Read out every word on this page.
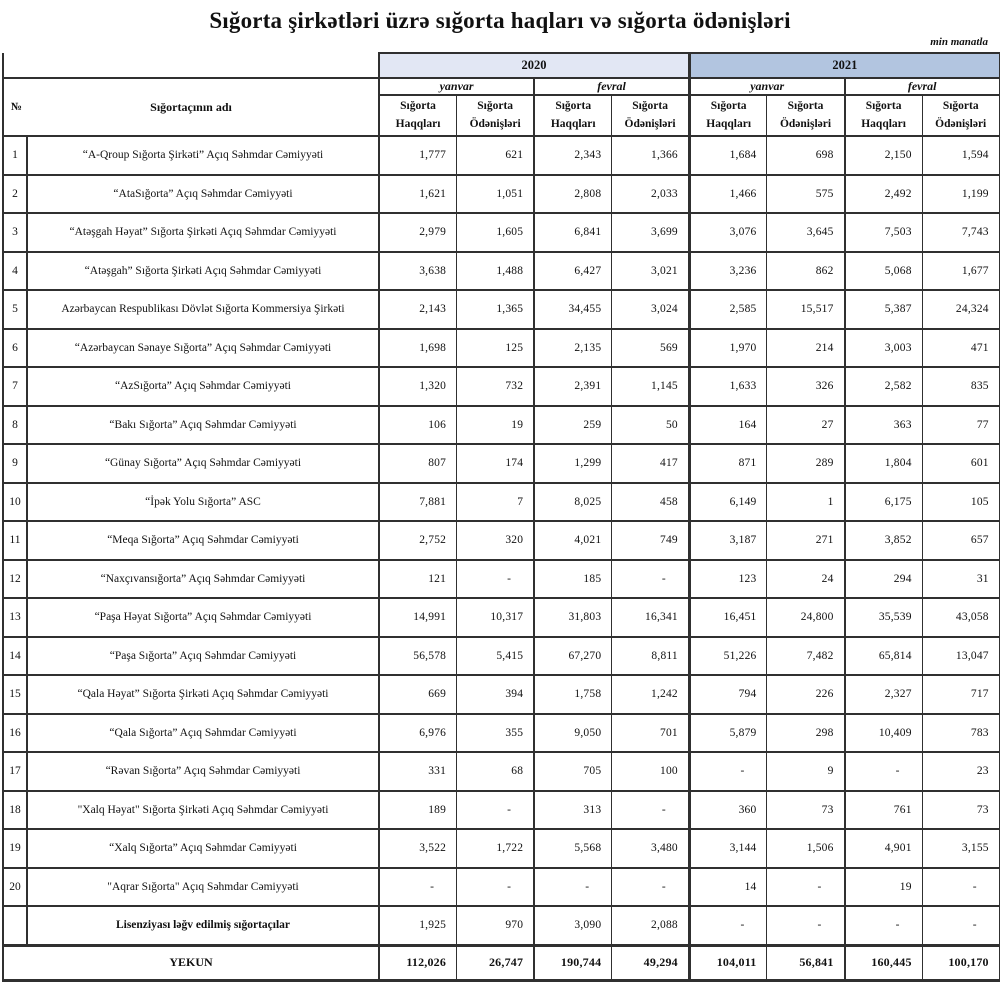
Sığorta şirkətləri üzrə sığorta haqları və sığorta ödənişləri
min manatla
		2020				2021			

№ Sığortaçının adı		yanvar		fevral		yanvar		fevral	
		Sığorta Haqqları	Sığorta Ödənişləri	Sığorta Haqqları	Sığorta Ödənişləri	Sığorta Haqqları	Sığorta Ödənişləri	Sığorta Haqqları	Sığorta Ödənişləri
1	“A-Qroup Sığorta Şirkəti” Açıq Səhmdar Cəmiyyəti	1,777	621	2,343	1,366	1,684	698	2,150	1,594
2	“AtaSığorta” Açıq Səhmdar Cəmiyyəti	1,621	1,051	2,808	2,033	1,466	575	2,492	1,199
3	“Atəşgah Həyat” Sığorta Şirkəti Açıq Səhmdar Cəmiyyəti	2,979	1,605	6,841	3,699	3,076	3,645	7,503	7,743
4	“Atəşgah” Sığorta Şirkəti Açıq Səhmdar Cəmiyyəti	3,638	1,488	6,427	3,021	3,236	862	5,068	1,677
5	Azərbaycan Respublikası Dövlət Sığorta Kommersiya Şirkəti	2,143	1,365	34,455	3,024	2,585	15,517	5,387	24,324
6	“Azərbaycan Sənaye Sığorta” Açıq Səhmdar Cəmiyyəti	1,698	125	2,135	569	1,970	214	3,003	471
7	“AzSığorta” Açıq Səhmdar Cəmiyyəti	1,320	732	2,391	1,145	1,633	326	2,582	835
8	“Bakı Sığorta” Açıq Səhmdar Cəmiyyəti	106	19	259	50	164	27	363	77
9	“Günay Sığorta” Açıq Səhmdar Cəmiyyəti	807	174	1,299	417	871	289	1,804	601
10	“İpək Yolu Sığorta” ASC	7,881	7	8,025	458	6,149	1	6,175	105
11	“Meqa Sığorta” Açıq Səhmdar Cəmiyyəti	2,752	320	4,021	749	3,187	271	3,852	657
12	“Naxçıvansığorta” Açıq Səhmdar Cəmiyyəti	121	-	185	-	123	24	294	31
13	“Paşa Həyat Sığorta” Açıq Səhmdar Cəmiyyəti	14,991	10,317	31,803	16,341	16,451	24,800	35,539	43,058
14	“Paşa Sığorta” Açıq Səhmdar Cəmiyyəti	56,578	5,415	67,270	8,811	51,226	7,482	65,814	13,047
15	“Qala Həyat” Sığorta Şirkəti Açıq Səhmdar Cəmiyyəti	669	394	1,758	1,242	794	226	2,327	717
16	“Qala Sığorta” Açıq Səhmdar Cəmiyyəti	6,976	355	9,050	701	5,879	298	10,409	783
17	“Rəvan Sığorta” Açıq Səhmdar Cəmiyyəti	331	68	705	100	-	9	-	23
18	"Xalq Həyat" Sığorta Şirkəti Açıq Səhmdar Cəmiyyəti	189	-	313	-	360	73	761	73
19	“Xalq Sığorta” Açıq Səhmdar Cəmiyyəti	3,522	1,722	5,568	3,480	3,144	1,506	4,901	3,155
20	"Aqrar Sığorta" Açıq Səhmdar Cəmiyyəti	-	-	-	-	14	-	19	-
	Lisenziyası ləğv edilmiş sığortaçılar	1,925	970	3,090	2,088	-	-	-	-
YEKUN		112,026	26,747	190,744	49,294	104,011	56,841	160,445	100,170
